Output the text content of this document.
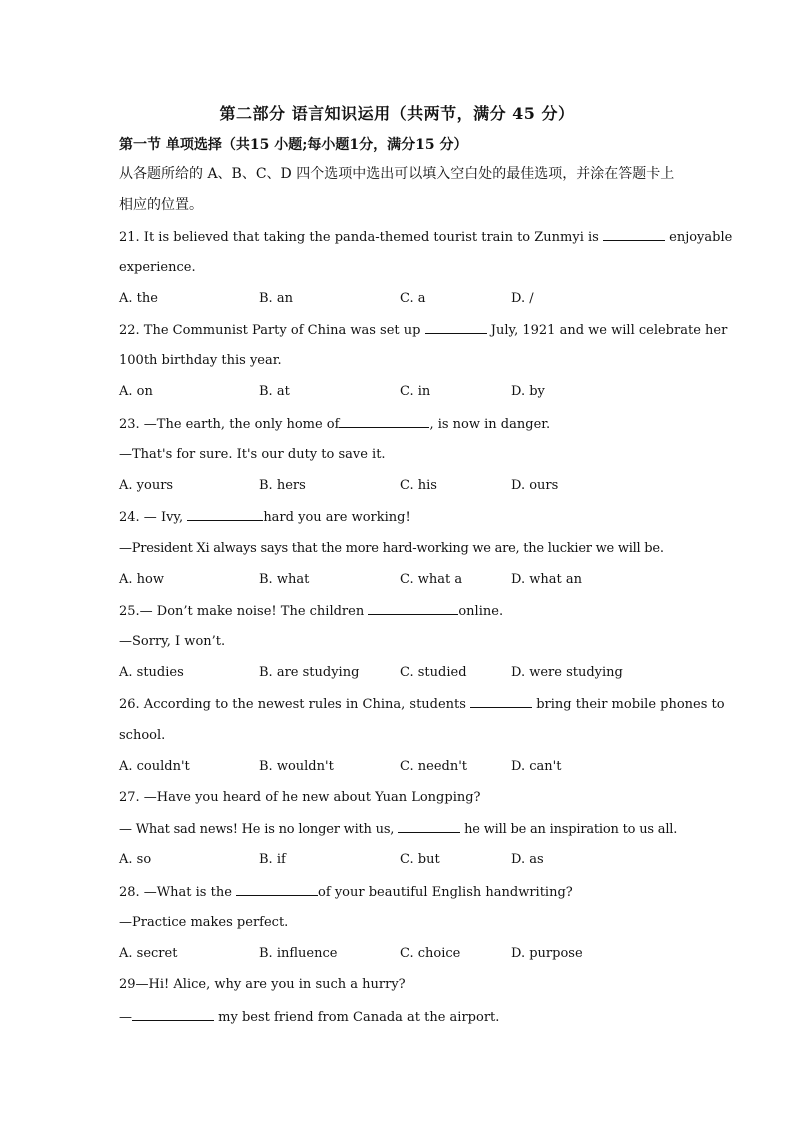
第二部分 语言知识运用（共两节，满分 45 分）
第一节 单项选择（共15 小题;每小题1分，满分15 分）
从各题所给的 A、B、C、D 四个选项中选出可以填入空白处的最佳选项，并涂在答题卡上
相应的位置。
21. It is believed that taking the panda-themed tourist train to Zunmyi is	enjoyable
experience.
A. the	B. an	C. a	D. /
22. The Communist Party of China was set up	July, 1921 and we will celebrate her
100th birthday this year.
A. on	B. at	C. in	D. by
23. —The earth, the only home of	, is now in danger.
—That's for sure. It's our duty to save it.
A. yours	B. hers	C. his	D. ours
24. — Ivy,	hard you are working!
—President Xi always says that the more hard-working we are, the luckier we will be.
A. how	B. what	C. what a	D. what an
25.— Don’t make noise! The children	online.
—Sorry, I won’t.
A. studies	B. are studying	C. studied	D. were studying
26. According to the newest rules in China, students	bring their mobile phones to
school.
A. couldn't	B. wouldn't	C. needn't	D. can't
27. —Have you heard of he new about Yuan Longping?
— What sad news! He is no longer with us,	he will be an inspiration to us all.
A. so	B. if	C. but	D. as
28. —What is the	of your beautiful English handwriting?
—Practice makes perfect.
A. secret	B. influence	C. choice	D. purpose
29—Hi! Alice, why are you in such a hurry?
—	my best friend from Canada at the airport.
